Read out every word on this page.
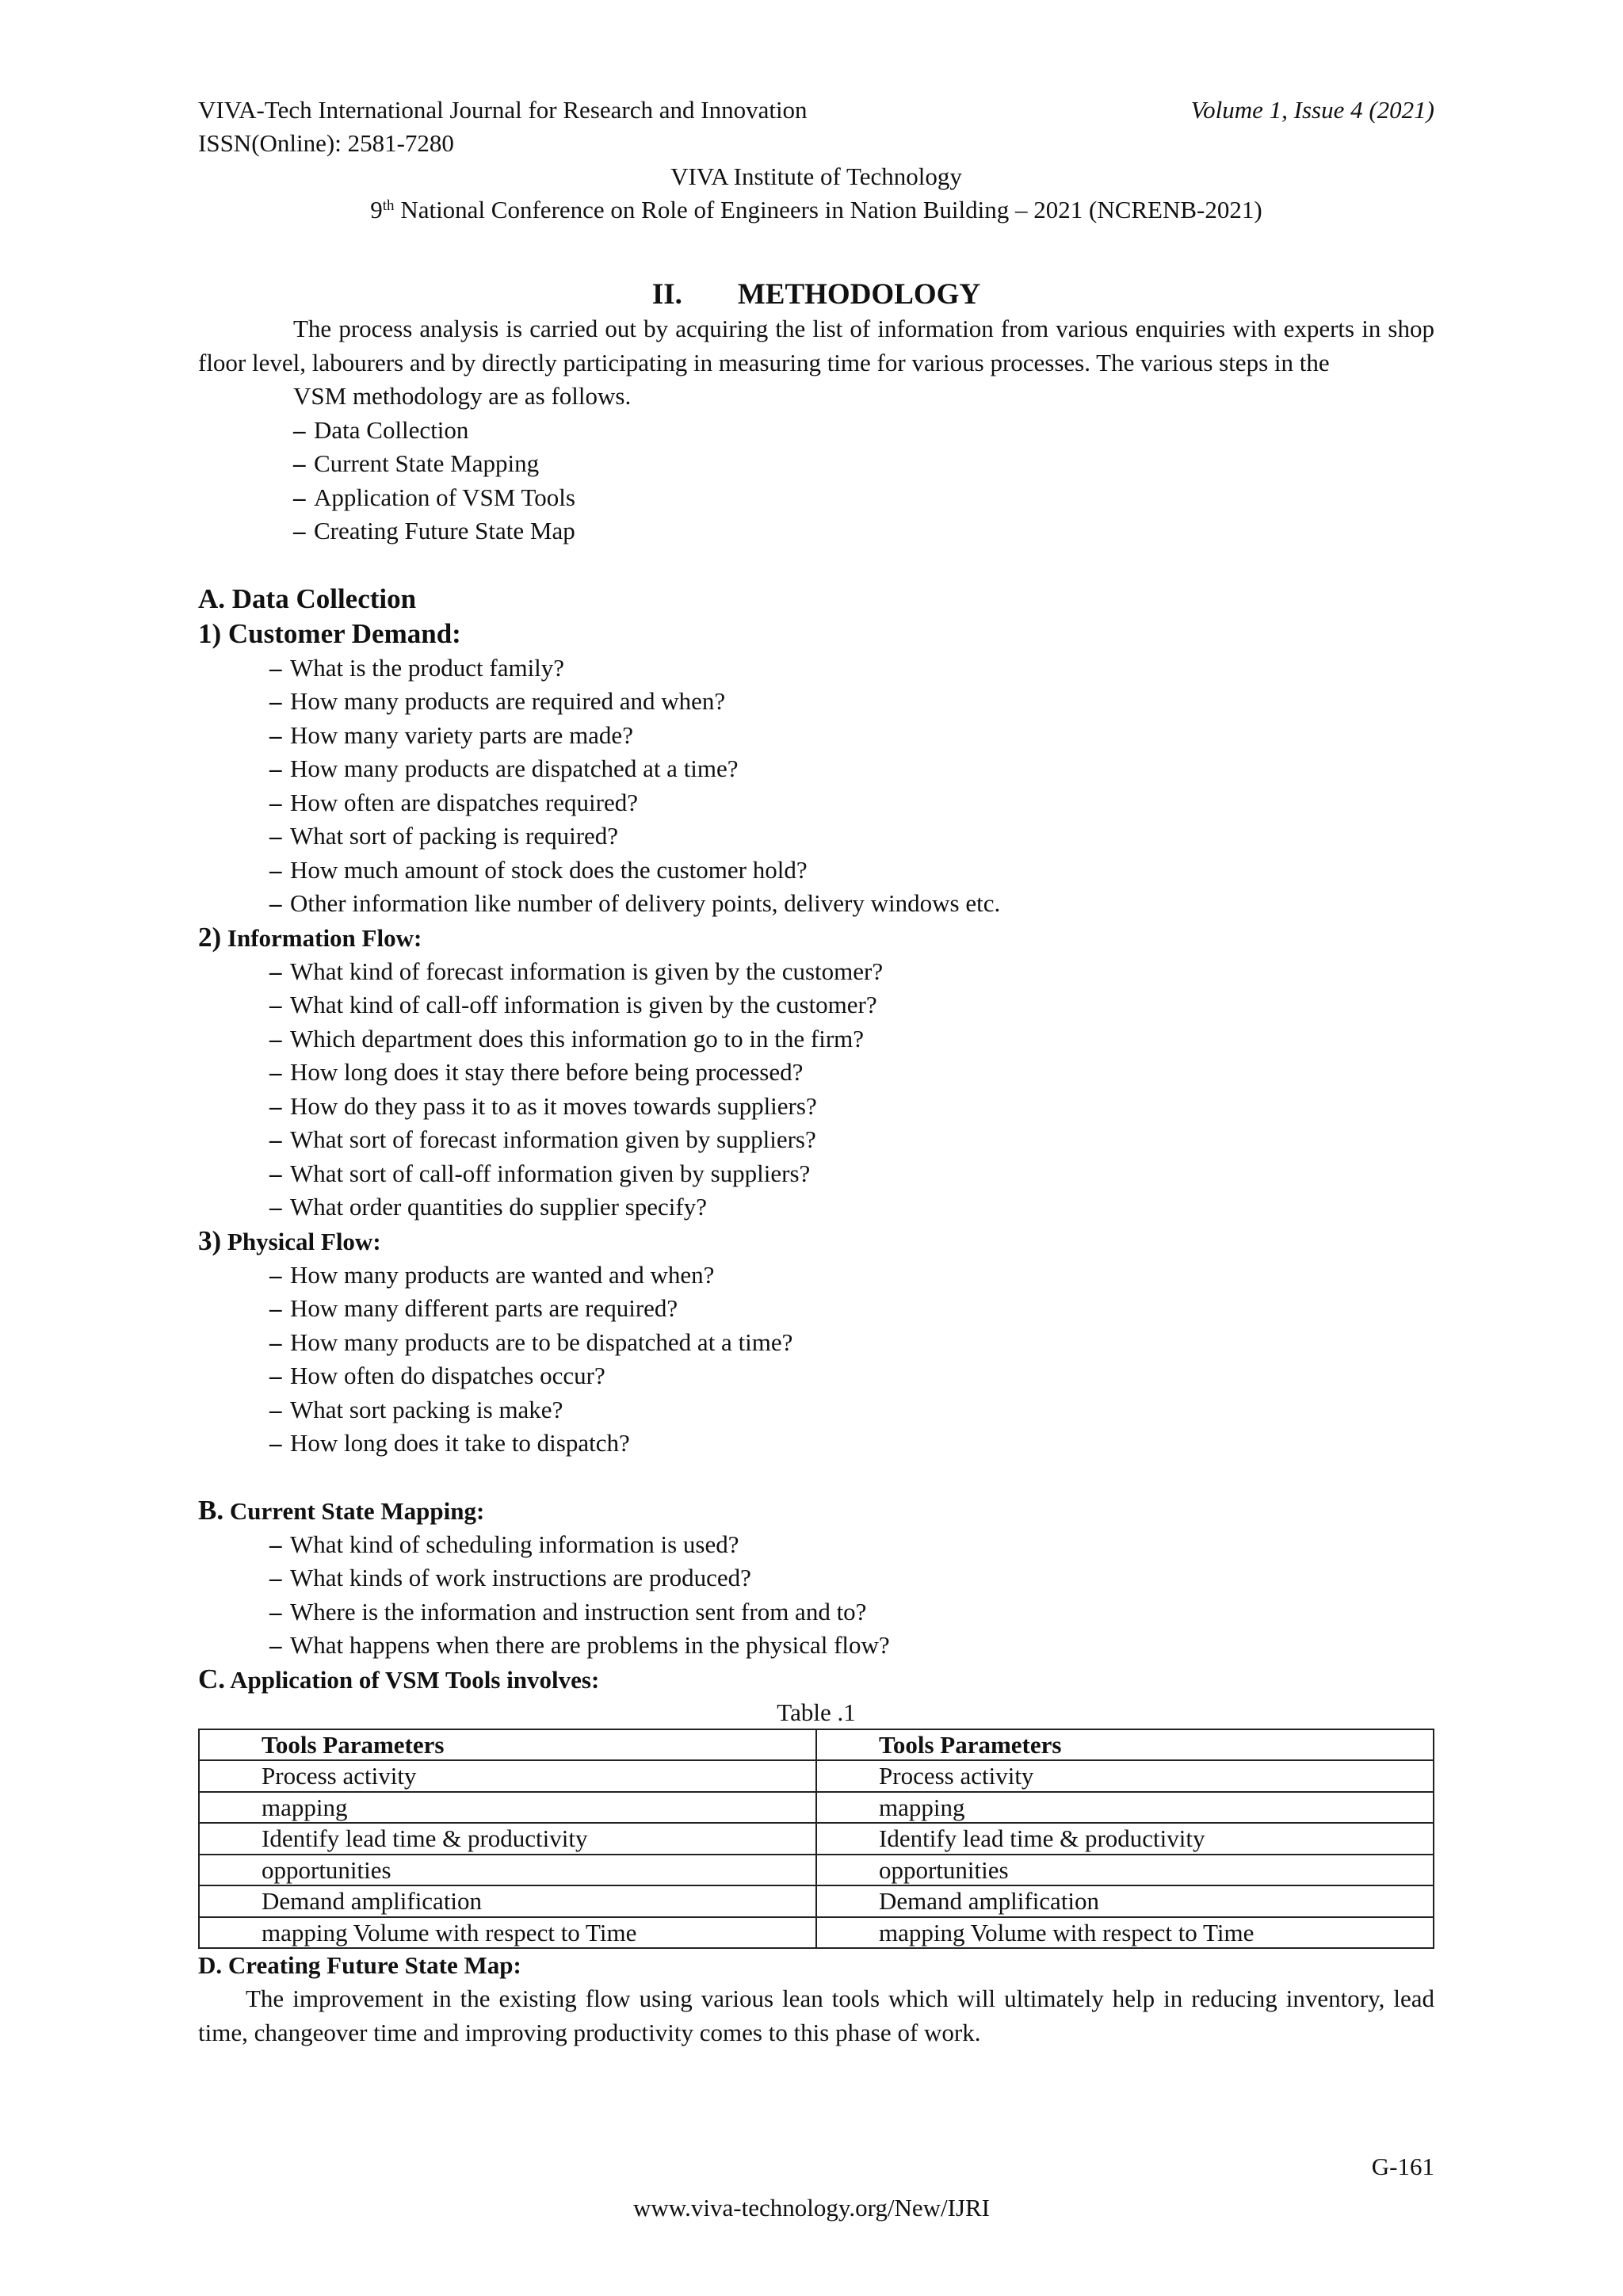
VIVA-Tech International Journal for Research and Innovation	Volume 1, Issue 4 (2021)
ISSN(Online): 2581-7280
VIVA Institute of Technology
9th National Conference on Role of Engineers in Nation Building – 2021 (NCRENB-2021)
II. METHODOLOGY

The process analysis is carried out by acquiring the list of information from various enquiries with experts in shop floor level, labourers and by directly participating in measuring time for various processes. The various steps in the

VSM methodology are as follows.

– Data Collection
– Current State Mapping
– Application of VSM Tools
– Creating Future State Map
A. Data Collection
1) Customer Demand:
– What is the product family?
– How many products are required and when?
– How many variety parts are made?
– How many products are dispatched at a time?
– How often are dispatches required?
– What sort of packing is required?
– How much amount of stock does the customer hold?
– Other information like number of delivery points, delivery windows etc.
2) Information Flow:
– What kind of forecast information is given by the customer?
– What kind of call-off information is given by the customer?
– Which department does this information go to in the firm?
– How long does it stay there before being processed?
– How do they pass it to as it moves towards suppliers?
– What sort of forecast information given by suppliers?
– What sort of call-off information given by suppliers?
– What order quantities do supplier specify?
3) Physical Flow:
– How many products are wanted and when?
– How many different parts are required?
– How many products are to be dispatched at a time?
– How often do dispatches occur?
– What sort packing is make?
– How long does it take to dispatch?
B. Current State Mapping:
– What kind of scheduling information is used?
– What kinds of work instructions are produced?
– Where is the information and instruction sent from and to?
– What happens when there are problems in the physical flow?
C. Application of VSM Tools involves:
Table .1
Tools Parameters	Tools Parameters
Process activity	Process activity
mapping	mapping
Identify lead time & productivity	Identify lead time & productivity
opportunities	opportunities
Demand amplification	Demand amplification
mapping Volume with respect to Time	mapping Volume with respect to Time
D. Creating Future State Map:

The improvement in the existing flow using various lean tools which will ultimately help in reducing inventory, lead time, changeover time and improving productivity comes to this phase of work.

G-161
www.viva-technology.org/New/IJRI
